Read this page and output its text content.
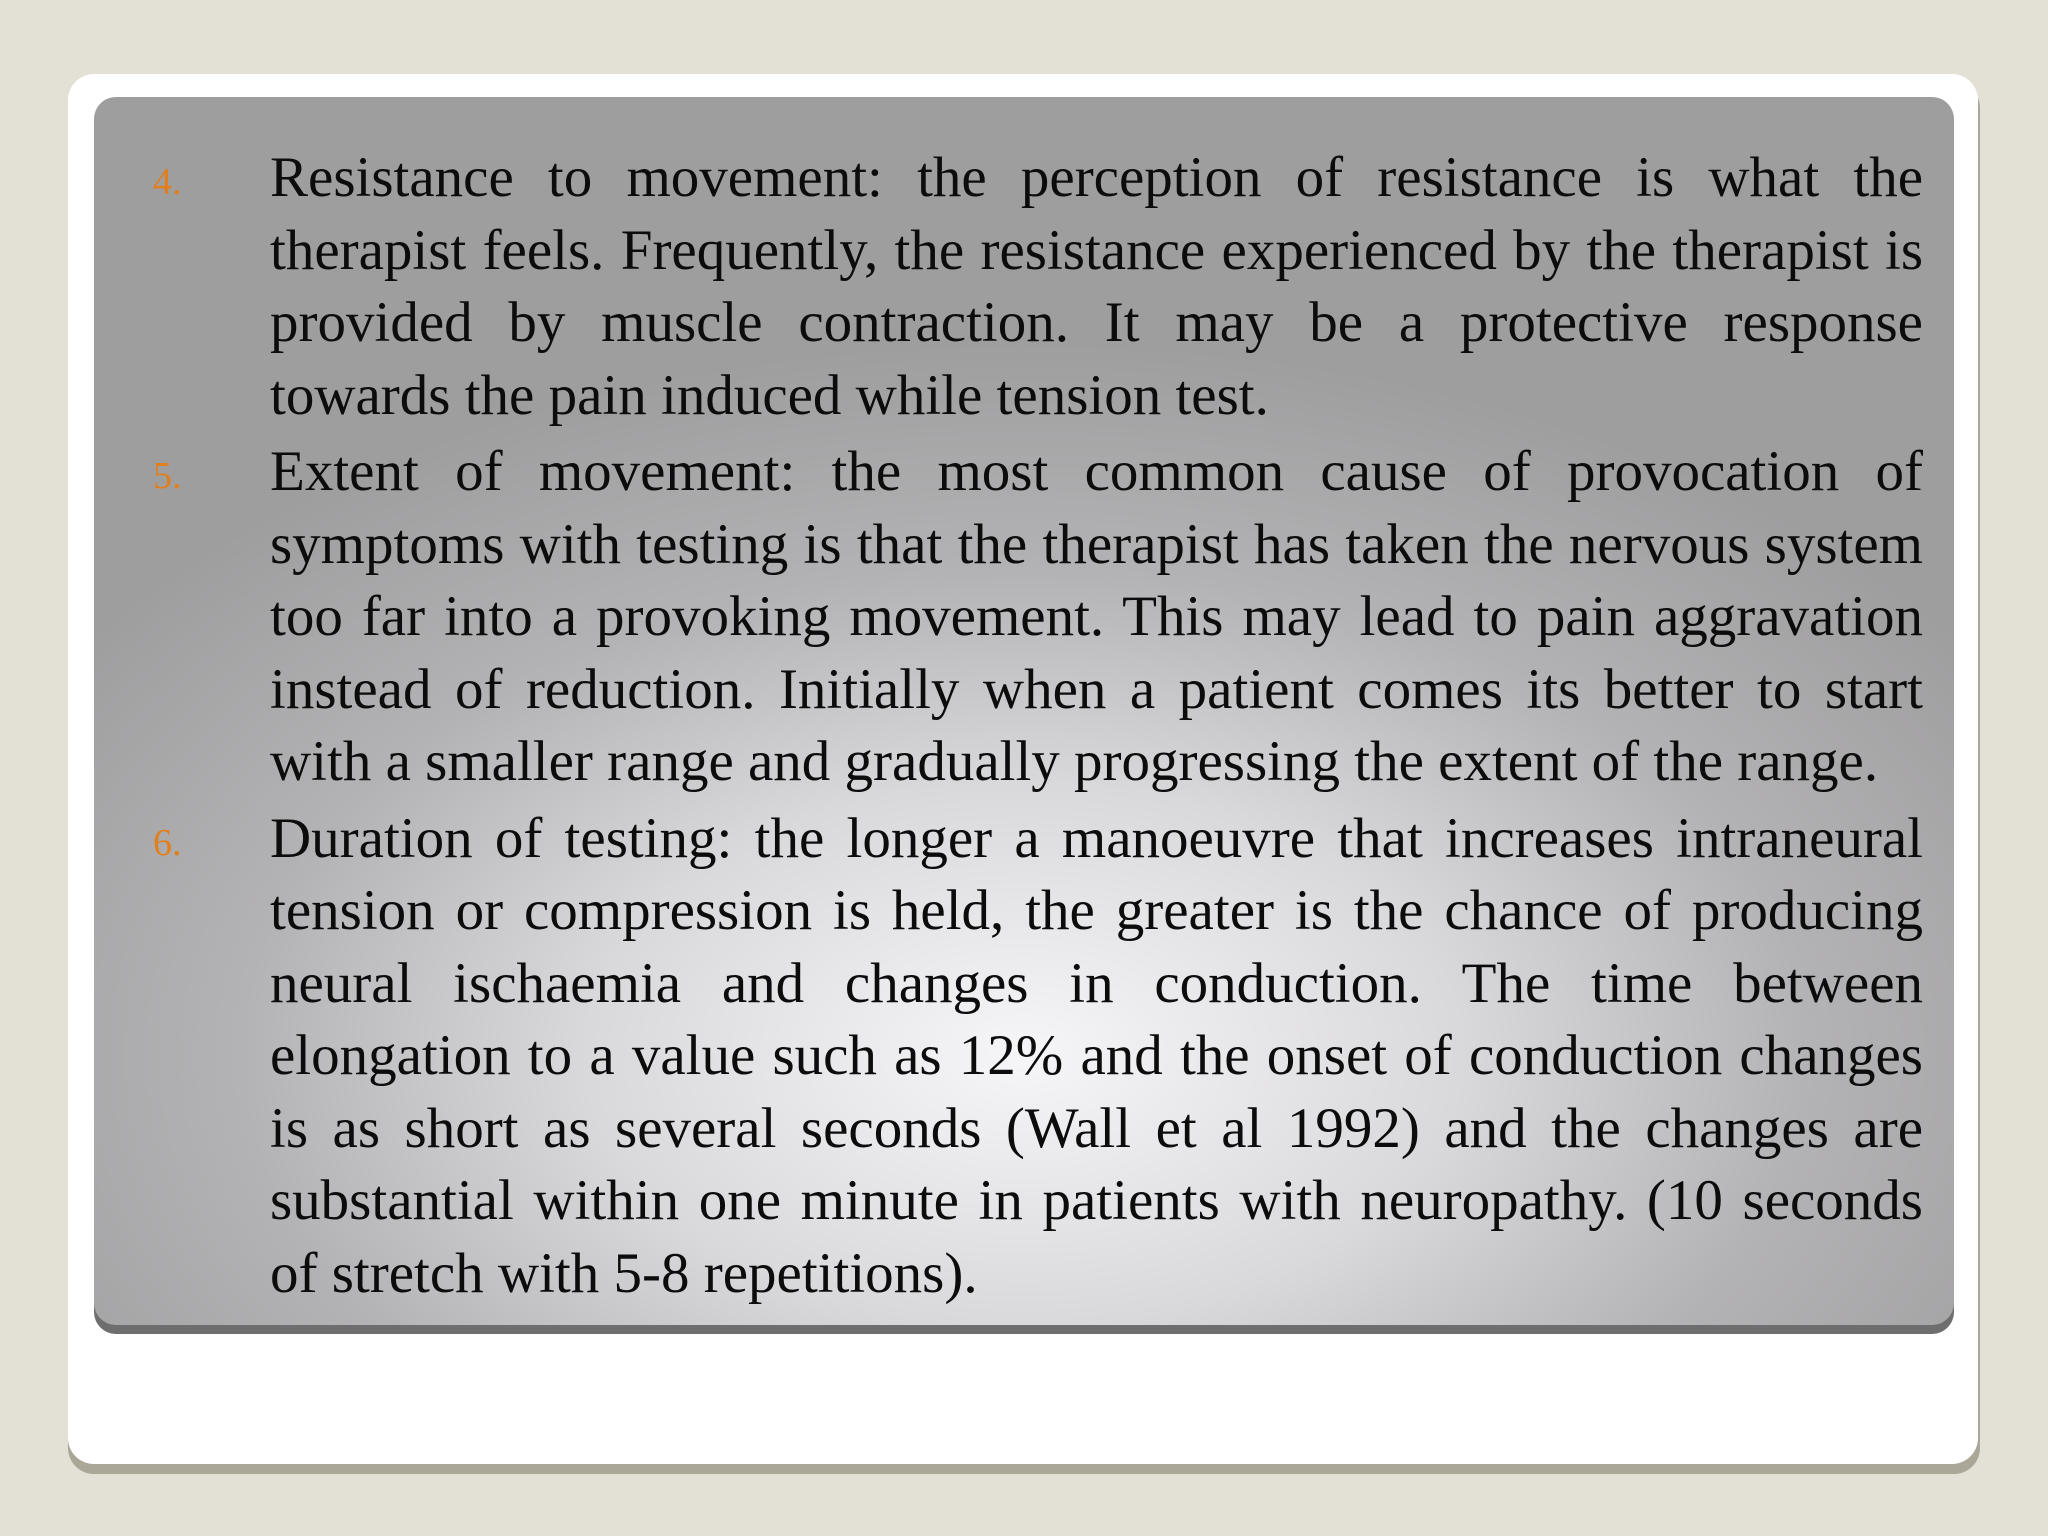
4. Resistance to movement: the perception of resistance is what the therapist feels. Frequently, the resistance experienced by the therapist is provided by muscle contraction. It may be a protective response towards the pain induced while tension test.
5. Extent of movement: the most common cause of provocation of symptoms with testing is that the therapist has taken the nervous system too far into a provoking movement. This may lead to pain aggravation instead of reduction. Initially when a patient comes its better to start with a smaller range and gradually progressing the extent of the range.
6. Duration of testing: the longer a manoeuvre that increases intraneural tension or compression is held, the greater is the chance of producing neural ischaemia and changes in conduction. The time between elongation to a value such as 12% and the onset of conduction changes is as short as several seconds (Wall et al 1992) and the changes are substantial within one minute in patients with neuropathy. (10 seconds of stretch with 5-8 repetitions).
